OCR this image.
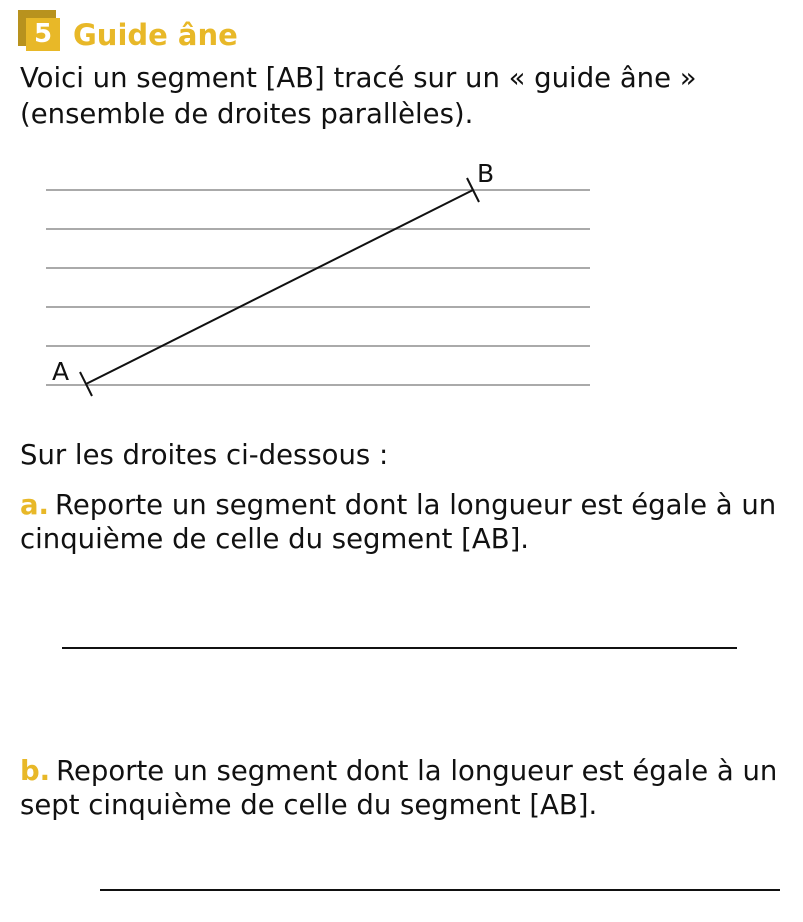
5 Guide âne

Voici un segment [AB] tracé sur un « guide âne » (ensemble de droites parallèles).

A
B

Sur les droites ci-dessous :

a. Reporte un segment dont la longueur est égale à un cinquième de celle du segment [AB].

b. Reporte un segment dont la longueur est égale à un sept cinquième de celle du segment [AB].
